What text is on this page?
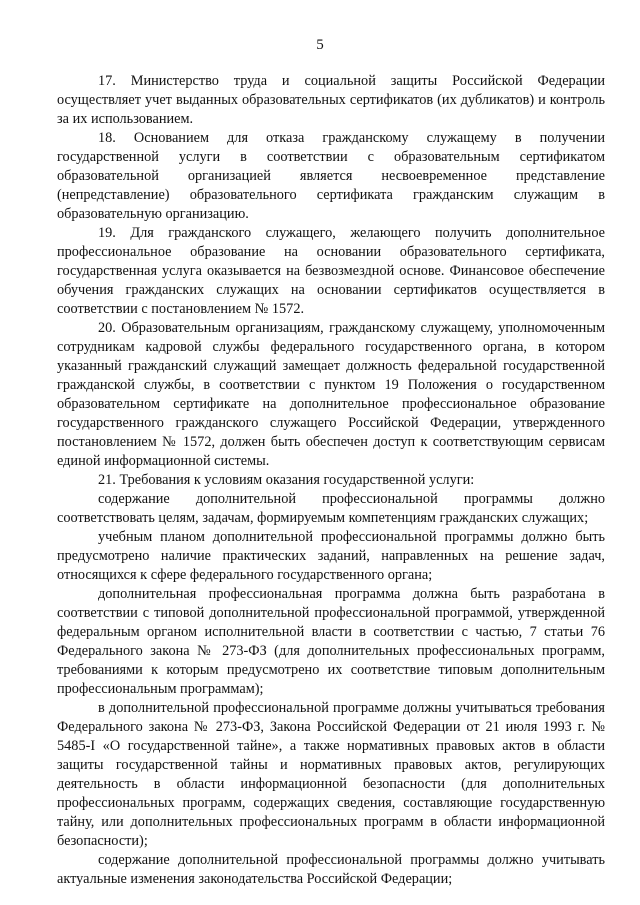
5

17. Министерство труда и социальной защиты Российской Федерации осуществляет учет выданных образовательных сертификатов (их дубликатов) и контроль за их использованием.

18. Основанием для отказа гражданскому служащему в получении государственной услуги в соответствии с образовательным сертификатом образовательной организацией является несвоевременное представление (непредставление) образовательного сертификата гражданским служащим в образовательную организацию.

19. Для гражданского служащего, желающего получить дополнительное профессиональное образование на основании образовательного сертификата, государственная услуга оказывается на безвозмездной основе. Финансовое обеспечение обучения гражданских служащих на основании сертификатов осуществляется в соответствии с постановлением № 1572.

20. Образовательным организациям, гражданскому служащему, уполномоченным сотрудникам кадровой службы федерального государственного органа, в котором указанный гражданский служащий замещает должность федеральной государственной гражданской службы, в соответствии с пунктом 19 Положения о государственном образовательном сертификате на дополнительное профессиональное образование государственного гражданского служащего Российской Федерации, утвержденного постановлением № 1572, должен быть обеспечен доступ к соответствующим сервисам единой информационной системы.

21. Требования к условиям оказания государственной услуги:

содержание дополнительной профессиональной программы должно соответствовать целям, задачам, формируемым компетенциям гражданских служащих;

учебным планом дополнительной профессиональной программы должно быть предусмотрено наличие практических заданий, направленных на решение задач, относящихся к сфере федерального государственного органа;

дополнительная профессиональная программа должна быть разработана в соответствии с типовой дополнительной профессиональной программой, утвержденной федеральным органом исполнительной власти в соответствии с частью, 7 статьи 76 Федерального закона № 273-ФЗ (для дополнительных профессиональных программ, требованиями к которым предусмотрено их соответствие типовым дополнительным профессиональным программам);

в дополнительной профессиональной программе должны учитываться требования Федерального закона № 273-ФЗ, Закона Российской Федерации от 21 июля 1993 г. № 5485-I «О государственной тайне», а также нормативных правовых актов в области защиты государственной тайны и нормативных правовых актов, регулирующих деятельность в области информационной безопасности (для дополнительных профессиональных программ, содержащих сведения, составляющие государственную тайну, или дополнительных профессиональных программ в области информационной безопасности);

содержание дополнительной профессиональной программы должно учитывать актуальные изменения законодательства Российской Федерации;
